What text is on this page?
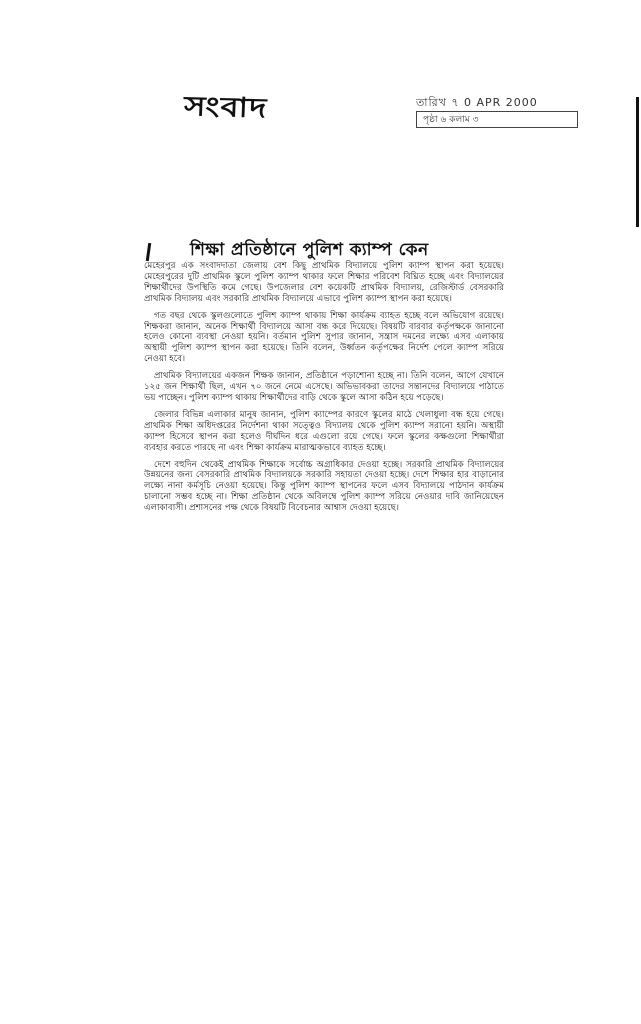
সংবাদ	তারিখ ৭ 0 APR 2000
পৃষ্ঠা ৬ কলাম ৩
শিক্ষা প্রতিষ্ঠানে পুলিশ ক্যাম্প কেন

মেহেরপুর এক সংবাদদাতা জেলায় বেশ কিছু প্রাথমিক বিদ্যালয়ে পুলিশ ক্যাম্প স্থাপন করা হয়েছে। মেহেরপুরের দুটি প্রাথমিক স্কুলে পুলিশ ক্যাম্প থাকার ফলে শিক্ষার পরিবেশ বিঘ্নিত হচ্ছে এবং বিদ্যালয়ের শিক্ষার্থীদের উপস্থিতি কমে গেছে। উপজেলার বেশ কয়েকটি প্রাথমিক বিদ্যালয়, রেজিস্টার্ড বেসরকারি প্রাথমিক বিদ্যালয় এবং সরকারি প্রাথমিক বিদ্যালয়ে এভাবে পুলিশ ক্যাম্প স্থাপন করা হয়েছে।

গত বছর থেকে স্কুলগুলোতে পুলিশ ক্যাম্প থাকায় শিক্ষা কার্যক্রম ব্যাহত হচ্ছে বলে অভিযোগ রয়েছে। শিক্ষকরা জানান, অনেক শিক্ষার্থী বিদ্যালয়ে আসা বন্ধ করে দিয়েছে। বিষয়টি বারবার কর্তৃপক্ষকে জানানো হলেও কোনো ব্যবস্থা নেওয়া হয়নি। বর্তমান পুলিশ সুপার জানান, সন্ত্রাস দমনের লক্ষ্যে এসব এলাকায় অস্থায়ী পুলিশ ক্যাম্প স্থাপন করা হয়েছে। তিনি বলেন, উর্ধ্বতন কর্তৃপক্ষের নির্দেশ পেলে ক্যাম্প সরিয়ে নেওয়া হবে।

প্রাথমিক বিদ্যালয়ের একজন শিক্ষক জানান, প্রতিষ্ঠানে পড়াশোনা হচ্ছে না। তিনি বলেন, আগে যেখানে ১২৫ জন শিক্ষার্থী ছিল, এখন ৭০ জনে নেমে এসেছে। অভিভাবকরা তাদের সন্তানদের বিদ্যালয়ে পাঠাতে ভয় পাচ্ছেন। পুলিশ ক্যাম্প থাকায় শিক্ষার্থীদের বাড়ি থেকে স্কুলে আসা কঠিন হয়ে পড়েছে।

জেলার বিভিন্ন এলাকার মানুষ জানান, পুলিশ ক্যাম্পের কারণে স্কুলের মাঠে খেলাধুলা বন্ধ হয়ে গেছে। প্রাথমিক শিক্ষা অধিদপ্তরের নির্দেশনা থাকা সত্ত্বেও বিদ্যালয় থেকে পুলিশ ক্যাম্প সরানো হয়নি। অস্থায়ী ক্যাম্প হিসেবে স্থাপন করা হলেও দীর্ঘদিন ধরে এগুলো রয়ে গেছে। ফলে স্কুলের কক্ষগুলো শিক্ষার্থীরা ব্যবহার করতে পারছে না এবং শিক্ষা কার্যক্রম মারাত্মকভাবে ব্যাহত হচ্ছে।

দেশে বহুদিন থেকেই প্রাথমিক শিক্ষাকে সর্বোচ্চ অগ্রাধিকার দেওয়া হচ্ছে। সরকারি প্রাথমিক বিদ্যালয়ের উন্নয়নের জন্য বেসরকারি প্রাথমিক বিদ্যালয়কে সরকারি সহায়তা দেওয়া হচ্ছে। দেশে শিক্ষার হার বাড়ানোর লক্ষ্যে নানা কর্মসূচি নেওয়া হয়েছে। কিন্তু পুলিশ ক্যাম্প স্থাপনের ফলে এসব বিদ্যালয়ে পাঠদান কার্যক্রম চালানো সম্ভব হচ্ছে না। শিক্ষা প্রতিষ্ঠান থেকে অবিলম্বে পুলিশ ক্যাম্প সরিয়ে নেওয়ার দাবি জানিয়েছেন এলাকাবাসী। প্রশাসনের পক্ষ থেকে বিষয়টি বিবেচনার আশ্বাস দেওয়া হয়েছে।
